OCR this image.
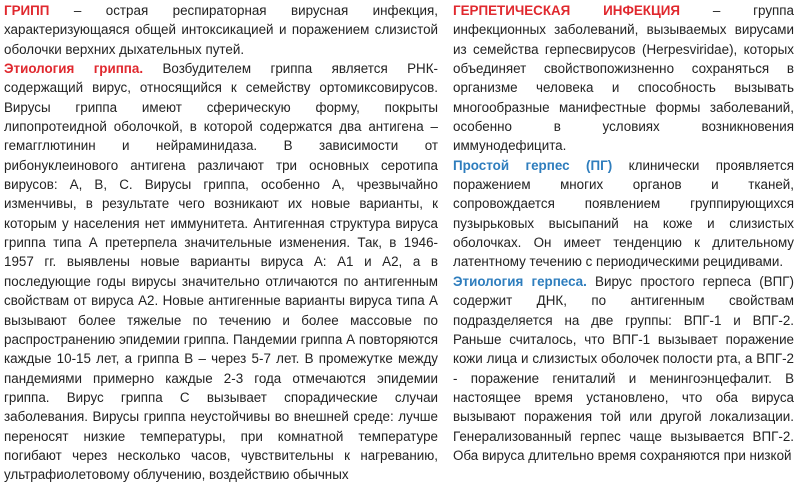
ГРИПП – острая респираторная вирусная инфекция, характеризующаяся общей интоксикацией и поражением слизистой оболочки верхних дыхательных путей.
Этиология гриппа. Возбудителем гриппа является РНК-содержащий вирус, относящийся к семейству ортомиксовирусов. Вирусы гриппа имеют сферическую форму, покрыты липопротеидной оболочкой, в которой содержатся два антигена – гемагглютинин и нейраминидаза. В зависимости от рибонуклеинового антигена различают три основных серотипа вирусов: А, В, С. Вирусы гриппа, особенно А, чрезвычайно изменчивы, в результате чего возникают их новые варианты, к которым у населения нет иммунитета. Антигенная структура вируса гриппа типа А претерпела значительные изменения. Так, в 1946-1957 гг. выявлены новые варианты вируса А: А1 и А2, а в последующие годы вирусы значительно отличаются по антигенным свойствам от вируса А2. Новые антигенные варианты вируса типа А вызывают более тяжелые по течению и более массовые по распространению эпидемии гриппа. Пандемии гриппа А повторяются каждые 10-15 лет, а гриппа В – через 5-7 лет. В промежутке между пандемиями примерно каждые 2-3 года отмечаются эпидемии гриппа. Вирус гриппа С вызывает спорадические случаи заболевания. Вирусы гриппа неустойчивы во внешней среде: лучше переносят низкие температуры, при комнатной температуре погибают через несколько часов, чувствительны к нагреванию, ультрафиолетовому облучению, воздействию обычных

ГЕРПЕТИЧЕСКАЯ ИНФЕКЦИЯ – группа инфекционных заболеваний, вызываемых вирусами из семейства герпесвирусов (Herpesviridae), которых объединяет свойствопожизненно сохраняться в организме человека и способность вызывать многообразные манифестные формы заболеваний, особенно в условиях возникновения иммунодефицита.
Простой герпес (ПГ) клинически проявляется поражением многих органов и тканей, сопровождается появлением группирующихся пузырьковых высыпаний на коже и слизистых оболочках. Он имеет тенденцию к длительному латентному течению с периодическими рецидивами.
Этиология герпеса. Вирус простого герпеса (ВПГ) содержит ДНК, по антигенным свойствам подразделяется на две группы: ВПГ-1 и ВПГ-2. Раньше считалось, что ВПГ-1 вызывает поражение кожи лица и слизистых оболочек полости рта, а ВПГ-2 - поражение гениталий и менингоэнцефалит. В настоящее время установлено, что оба вируса вызывают поражения той или другой локализации. Генерализованный герпес чаще вызывается ВПГ-2. Оба вируса длительно время сохраняются при низкой
